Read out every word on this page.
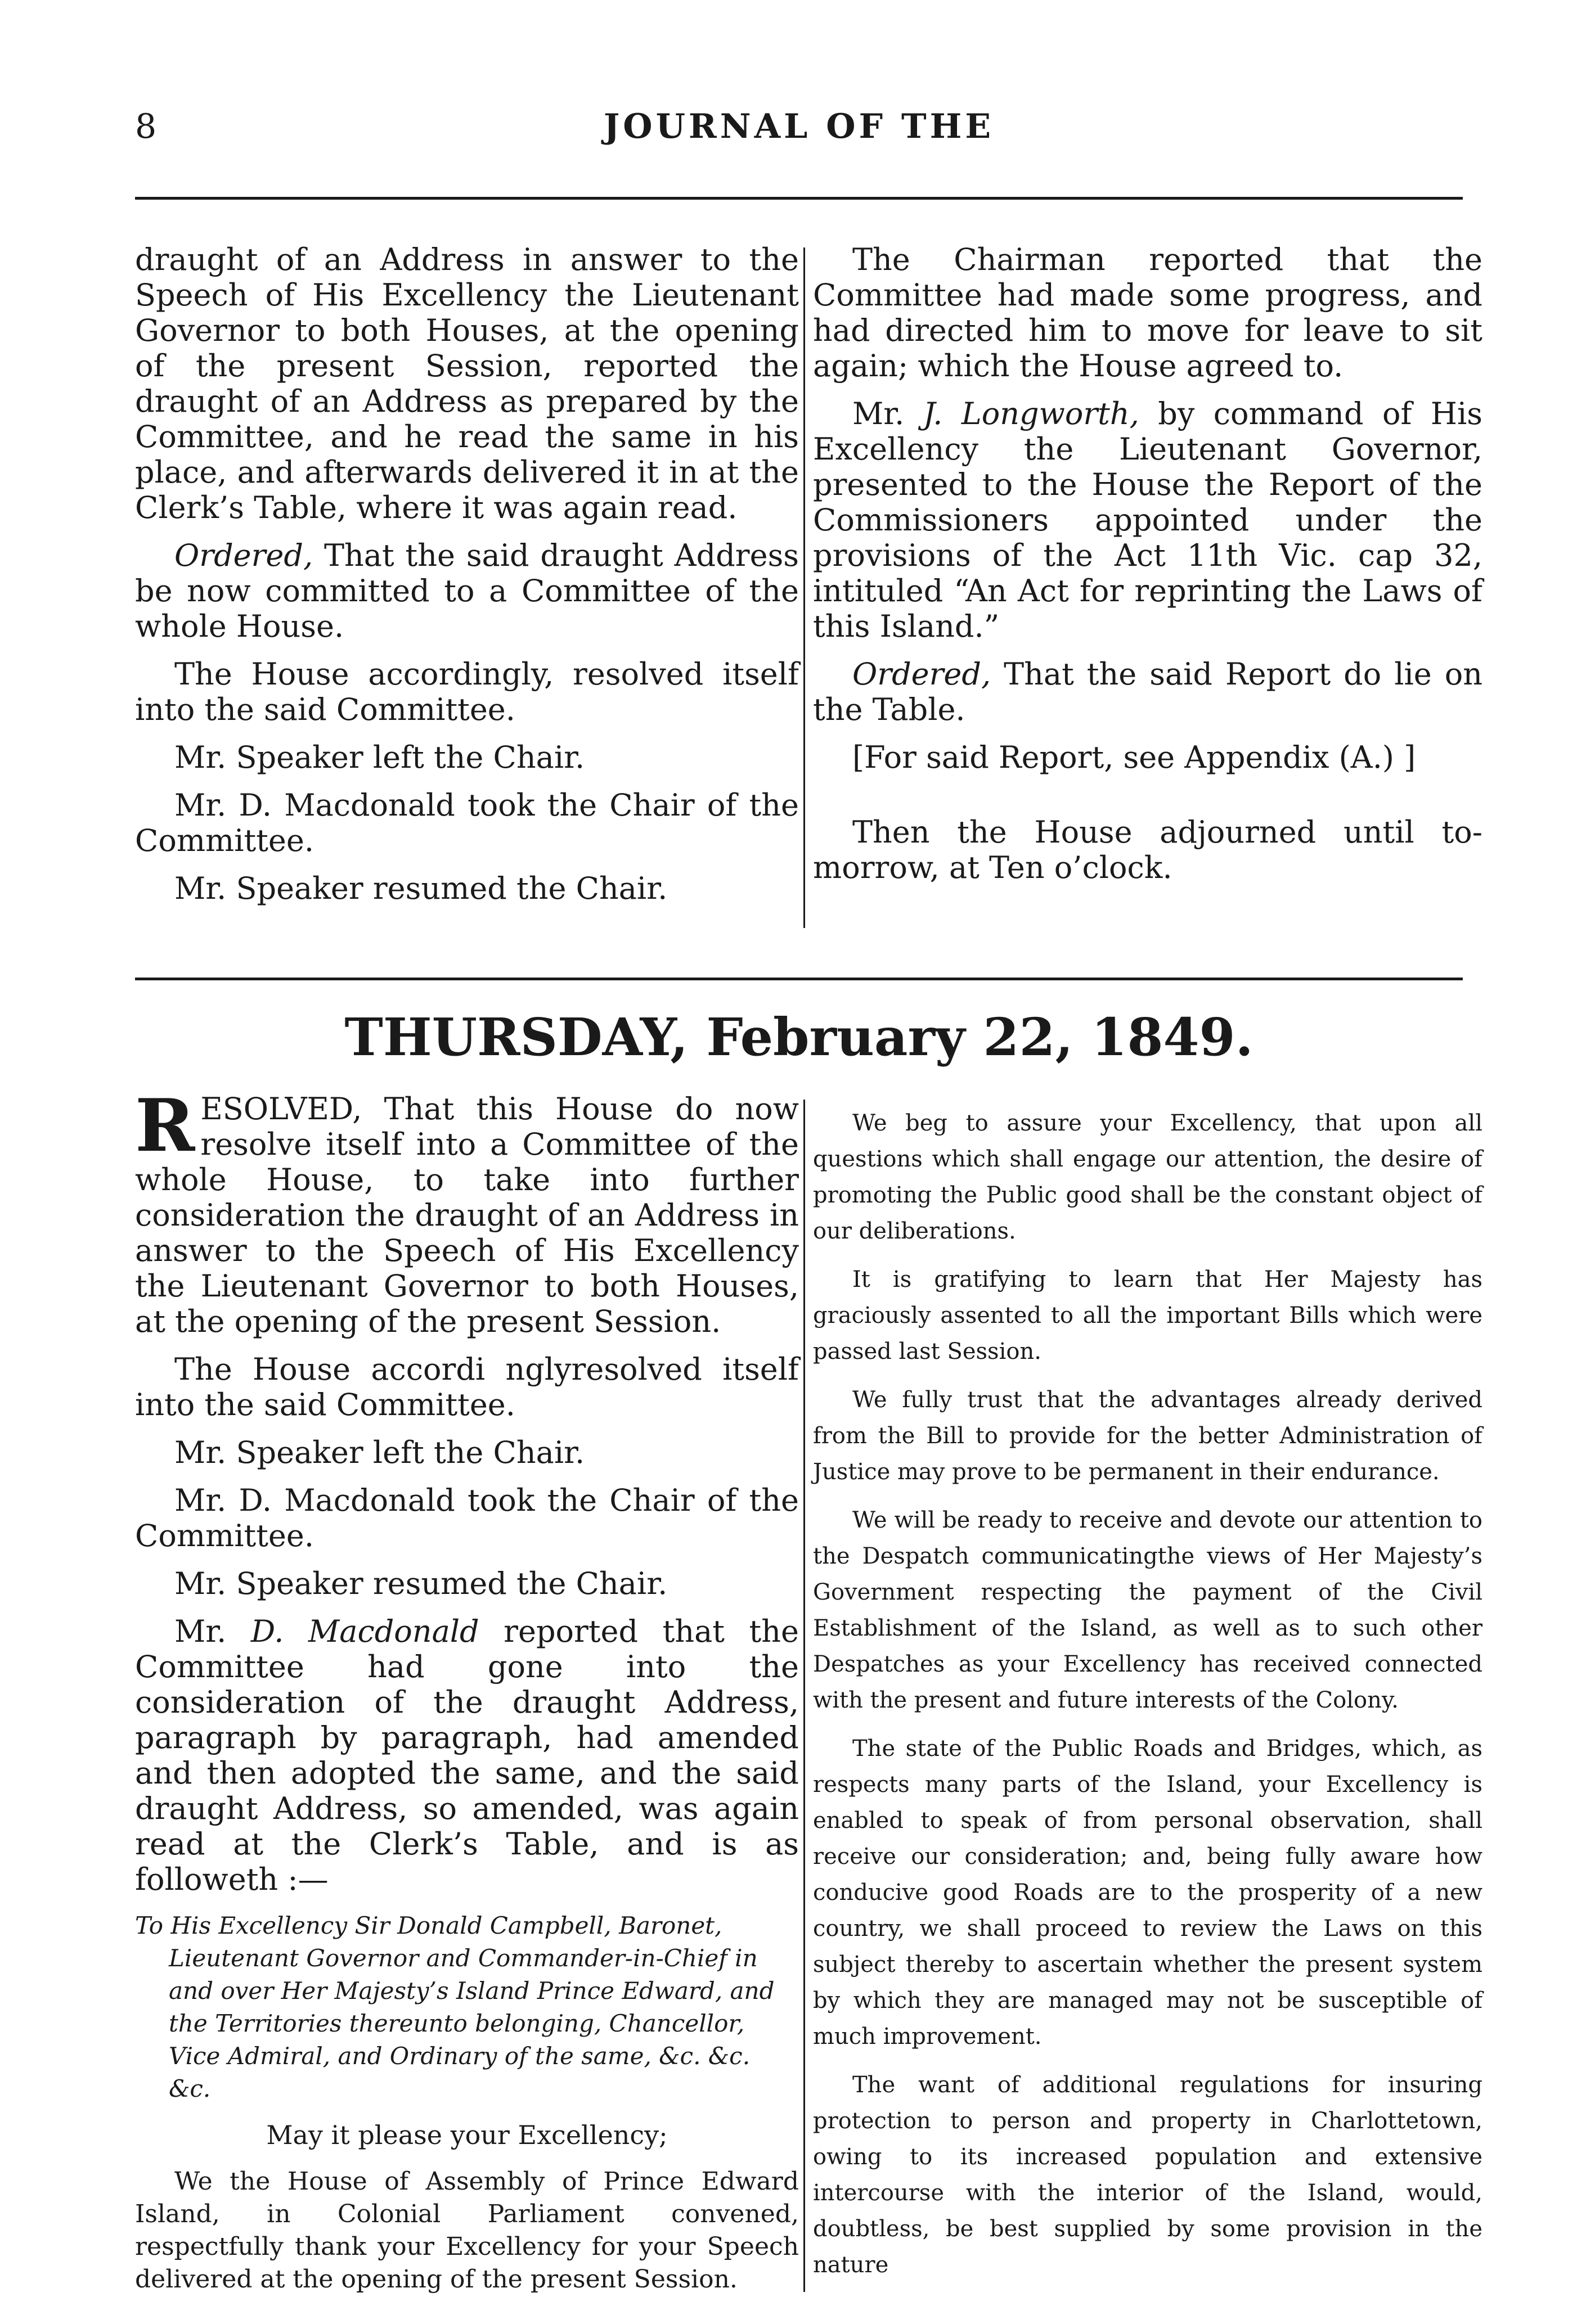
8	JOURNAL OF THE

draught of an Address in answer to the Speech of His Excellency the Lieutenant Governor to both Houses, at the opening of the present Session, reported the draught of an Address as prepared by the Committee, and he read the same in his place, and afterwards delivered it in at the Clerk’s Table, where it was again read.

Ordered, That the said draught Address be now committed to a Committee of the whole House.

The House accordingly, resolved itself into the said Committee.

Mr. Speaker left the Chair.

Mr. D. Macdonald took the Chair of the Committee.

Mr. Speaker resumed the Chair.

The Chairman reported that the Committee had made some progress, and had directed him to move for leave to sit again; which the House agreed to.

Mr. J. Longworth, by command of His Excellency the Lieutenant Governor, presented to the House the Report of the Commissioners appointed under the provisions of the Act 11th Vic. cap 32, intituled “An Act for reprinting the Laws of this Island.”

Ordered, That the said Report do lie on the Table.

[For said Report, see Appendix (A.) ]

Then the House adjourned until to-morrow, at Ten o’clock.

THURSDAY, February 22, 1849.

RESOLVED, That this House do now resolve itself into a Committee of the whole House, to take into further consideration the draught of an Address in answer to the Speech of His Excellency the Lieutenant Governor to both Houses, at the opening of the present Session.

The House accordi nglyresolved itself into the said Committee.

Mr. Speaker left the Chair.

Mr. D. Macdonald took the Chair of the Committee.

Mr. Speaker resumed the Chair.

Mr. D. Macdonald reported that the Committee had gone into the consideration of the draught Address, paragraph by paragraph, had amended and then adopted the same, and the said draught Address, so amended, was again read at the Clerk’s Table, and is as followeth :—

To His Excellency Sir Donald Campbell, Baronet, Lieutenant Governor and Commander-in-Chief in and over Her Majesty’s Island Prince Edward, and the Territories thereunto belonging, Chancellor, Vice Admiral, and Ordinary of the same, &c. &c. &c.

May it please your Excellency;

We the House of Assembly of Prince Edward Island, in Colonial Parliament convened, respectfully thank your Excellency for your Speech delivered at the opening of the present Session.

We beg to assure your Excellency, that upon all questions which shall engage our attention, the desire of promoting the Public good shall be the constant object of our deliberations.

It is gratifying to learn that Her Majesty has graciously assented to all the important Bills which were passed last Session.

We fully trust that the advantages already derived from the Bill to provide for the better Administration of Justice may prove to be permanent in their endurance.

We will be ready to receive and devote our attention to the Despatch communicatingthe views of Her Majesty’s Government respecting the payment of the Civil Establishment of the Island, as well as to such other Despatches as your Excellency has received connected with the present and future interests of the Colony.

The state of the Public Roads and Bridges, which, as respects many parts of the Island, your Excellency is enabled to speak of from personal observation, shall receive our consideration; and, being fully aware how conducive good Roads are to the prosperity of a new country, we shall proceed to review the Laws on this subject thereby to ascertain whether the present system by which they are managed may not be susceptible of much improvement.

The want of additional regulations for insuring protection to person and property in Charlottetown, owing to its increased population and extensive intercourse with the interior of the Island, would, doubtless, be best supplied by some provision in the nature
